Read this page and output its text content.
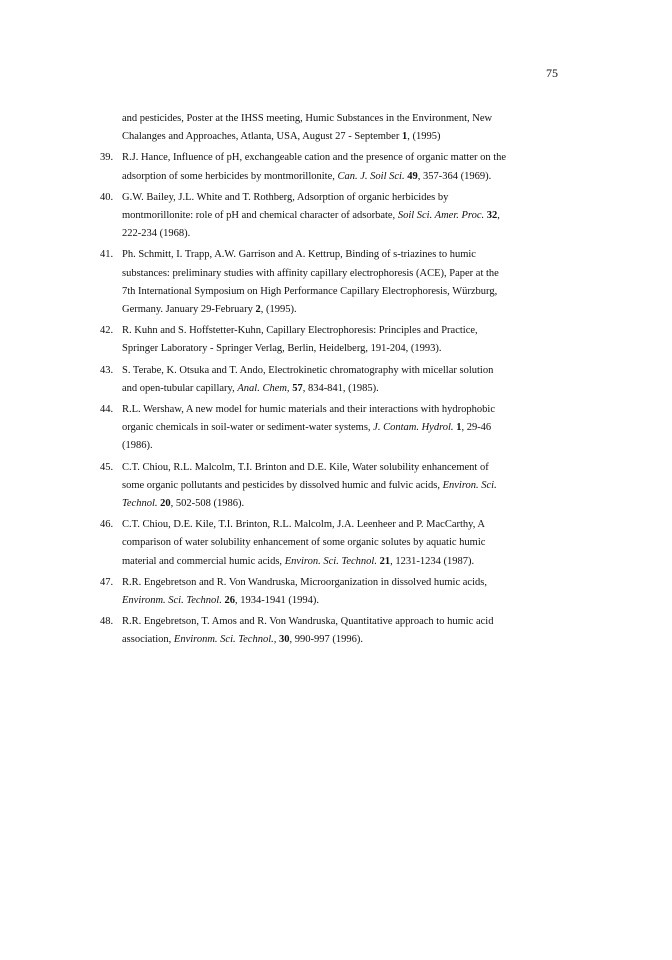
75
and pesticides, Poster at the IHSS meeting, Humic Substances in the Environment, New
Chalanges and Approaches, Atlanta, USA, August 27 - September 1, (1995)
39. R.J. Hance, Influence of pH, exchangeable cation and the presence of organic matter on the
adsorption of some herbicides by montmorillonite, Can. J. Soil Sci. 49, 357-364 (1969).
40. G.W. Bailey, J.L. White and T. Rothberg, Adsorption of organic herbicides by
montmorillonite: role of pH and chemical character of adsorbate, Soil Sci. Amer. Proc. 32,
222-234 (1968).
41. Ph. Schmitt, I. Trapp, A.W. Garrison and A. Kettrup, Binding of s-triazines to humic
substances: preliminary studies with affinity capillary electrophoresis (ACE), Paper at the
7th International Symposium on High Performance Capillary Electrophoresis, Würzburg,
Germany. January 29-February 2, (1995).
42. R. Kuhn and S. Hoffstetter-Kuhn, Capillary Electrophoresis: Principles and Practice,
Springer Laboratory - Springer Verlag, Berlin, Heidelberg, 191-204, (1993).
43. S. Terabe, K. Otsuka and T. Ando, Electrokinetic chromatography with micellar solution
and open-tubular capillary, Anal. Chem, 57, 834-841, (1985).
44. R.L. Wershaw, A new model for humic materials and their interactions with hydrophobic
organic chemicals in soil-water or sediment-water systems, J. Contam. Hydrol. 1, 29-46
(1986).
45. C.T. Chiou, R.L. Malcolm, T.I. Brinton and D.E. Kile, Water solubility enhancement of
some organic pollutants and pesticides by dissolved humic and fulvic acids, Environ. Sci.
Technol. 20, 502-508 (1986).
46. C.T. Chiou, D.E. Kile, T.I. Brinton, R.L. Malcolm, J.A. Leenheer and P. MacCarthy, A
comparison of water solubility enhancement of some organic solutes by aquatic humic
material and commercial humic acids, Environ. Sci. Technol. 21, 1231-1234 (1987).
47. R.R. Engebretson and R. Von Wandruska, Microorganization in dissolved humic acids,
Environm. Sci. Technol. 26, 1934-1941 (1994).
48. R.R. Engebretson, T. Amos and R. Von Wandruska, Quantitative approach to humic acid
association, Environm. Sci. Technol., 30, 990-997 (1996).
